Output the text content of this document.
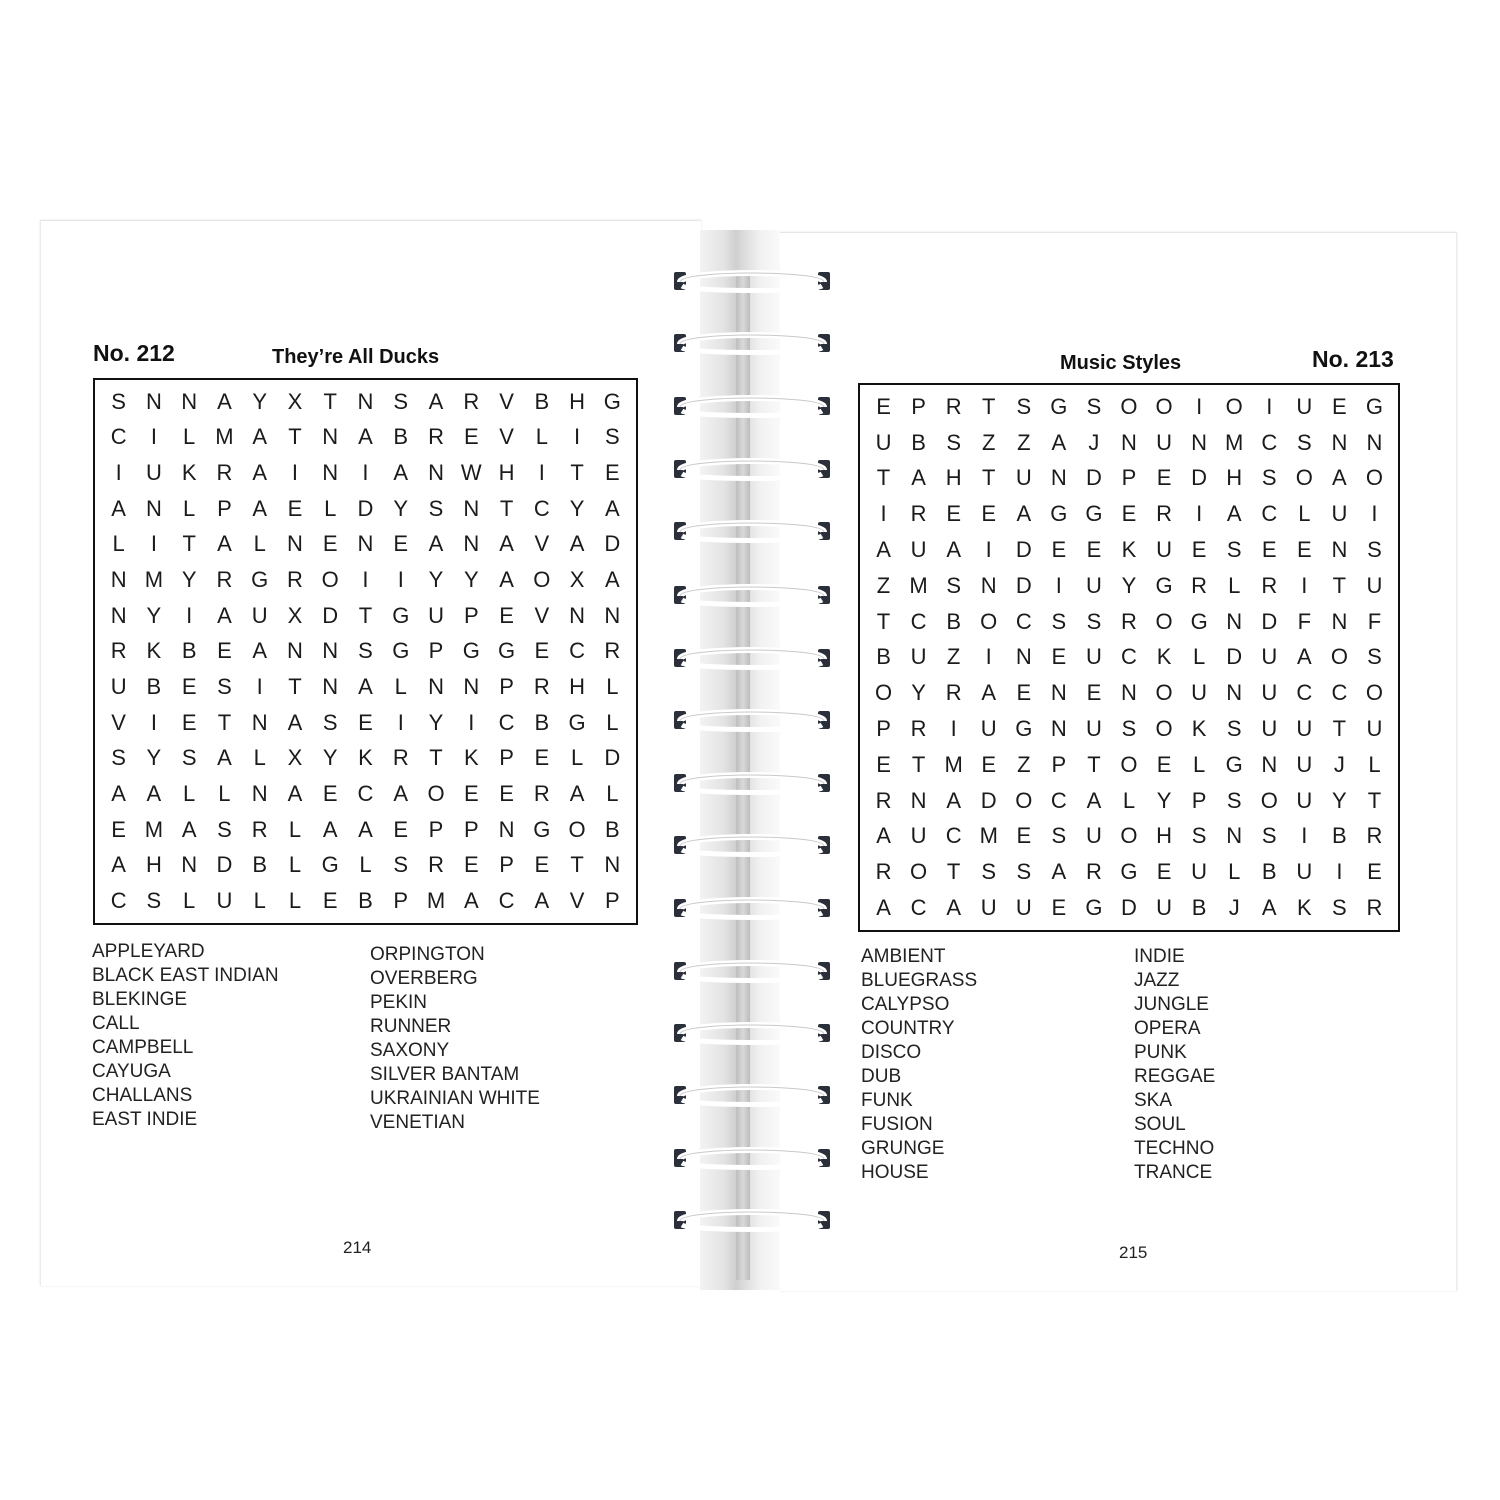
No. 212	They’re All Ducks
S N N A Y X T N S A R V B H G
C	I	L M A T N A B R E V L	I	S
I	U K R A	I	N	I	A N W H	I	T E
A N L P A E L D Y S N T C Y A
L	I	T A L N E N E A N A V A D
N M Y R G R O	I	I	Y Y A O X A
N Y	I	A U X D T G U P E V N N
R K B E A N N S G P G G E C R
U B E S	I	T N A L N N P R H L
V	I	E T N A S E	I	Y	I	C B G L
S Y S A L X Y K R T K P E L D
A A L	L N A E C A O E E R A L
E M A S R L A A E P P N G O B
A H N D B L G L S R E P E T N
C S L U L	L E B P M A C A V P
APPLEYARD
BLACK EAST INDIAN
BLEKINGE
CALL
CAMPBELL
CAYUGA
CHALLANS
EAST INDIE
ORPINGTON
OVERBERG
PEKIN
RUNNER
SAXONY
SILVER BANTAM
UKRAINIAN WHITE
VENETIAN
214
Music Styles	No. 213
E P R T S G S O O	I	O	I	U E G
U B S Z Z A	J N U N M C S N N
T A H T U N D P E D H S O A O
I	R E E A G G E R	I	A C L U	I
A U A	I	D E E K U E S E E N S
Z M S N D	I	U Y G R L R	I	T U
T C B O C S S R O G N D F N F
B U Z	I	N E U C K L D U A O S
O Y R A E N E N O U N U C C O
P R	I	U G N U S O K S U U T U
E T M E Z P T O E L G N U J	L
R N A D O C A L Y P S O U Y T
A U C M E S U O H S N S	I	B R
R O T S S A R G E U L B U	I	E
A C A U U E G D U B	J	A K S R
AMBIENT
BLUEGRASS
CALYPSO
COUNTRY
DISCO
DUB
FUNK
FUSION
GRUNGE
HOUSE
INDIE
JAZZ
JUNGLE
OPERA
PUNK
REGGAE
SKA
SOUL
TECHNO
TRANCE
215
